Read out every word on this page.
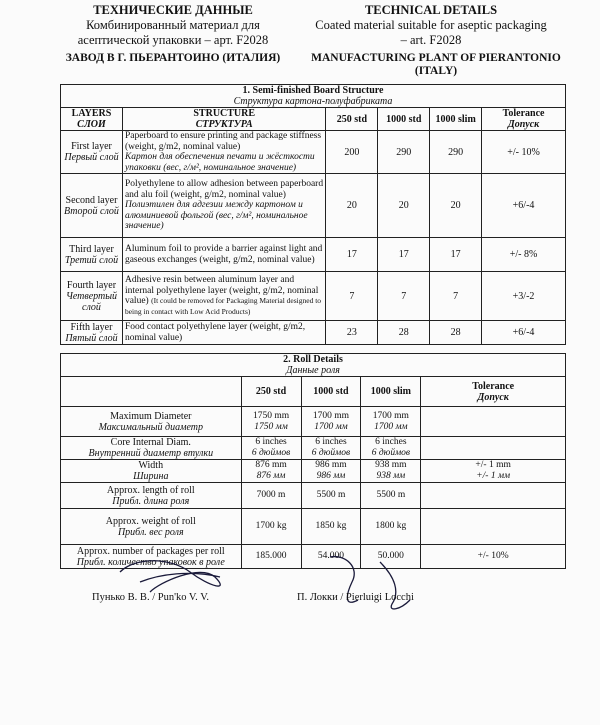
ТЕХНИЧЕСКИЕ ДАННЫЕ
Комбинированный материал для
асептической упаковки – арт. F2028
TECHNICAL DETAILS
Coated material suitable for aseptic packaging
– art. F2028
ЗАВОД В Г. ПЬЕРАНТОИНО (ИТАЛИЯ)	MANUFACTURING PLANT OF PIERANTONIO
(ITALY)
1. Semi-finished Board Structure
Структура картона-полуфабриката					
LAYERS
СЛОИ	STRUCTURE
СТРУКТУРА	250 std	1000 std	1000 slim	Tolerance
Допуск
First layer
Первый слой	Paperboard to ensure printing and package stiffness (weight, g/m2, nominal value)
Картон для обеспечения печати и жёсткости упаковки (вес, г/м², номинальное значение)	200	290	290	+/- 10%
Second layer
Второй слой	Polyethylene to allow adhesion between paperboard and alu foil (weight, g/m2, nominal value)
Полиэтилен для адгезии между картоном и алюминиевой фольгой (вес, г/м², номинальное значение)	20	20	20	+6/-4
Third layer
Третий слой	Aluminum foil to provide a barrier against light and gaseous exchanges (weight, g/m2, nominal value)	17	17	17	+/- 8%
Fourth layer
Четвертый слой	Adhesive resin between aluminum layer and internal polyethylene layer (weight, g/m2, nominal value) (It could be removed for Packaging Material designed to being in contact with Low Acid Products)	7	7	7	+3/-2
Fifth layer
Пятый слой	Food contact polyethylene layer (weight, g/m2, nominal value)	23	28	28	+6/-4
2. Roll Details
Данные роля				
	250 std	1000 std	1000 slim	Tolerance
Допуск
Maximum Diameter
Максимальный диаметр	1750 mm
1750 мм	1700 mm
1700 мм	1700 mm
1700 мм	
Core Internal Diam.
Внутренний диаметр втулки	6 inches
6 дюймов	6 inches
6 дюймов	6 inches
6 дюймов	
Width
Ширина	876 mm
876 мм	986 mm
986 мм	938 mm
938 мм	+/- 1 mm
+/- 1 мм
Approx. length of roll
Прибл. длина роля	7000 m	5500 m	5500 m	
Approx. weight of roll
Прибл. вес роля	1700 kg	1850 kg	1800 kg	
Approx. number of packages per roll
Прибл. количество упаковок в роле	185.000	54.000	50.000	+/- 10%
Пунько В. В. / Pun'ko V. V.	П. Локки / Pierluigi Locchi
